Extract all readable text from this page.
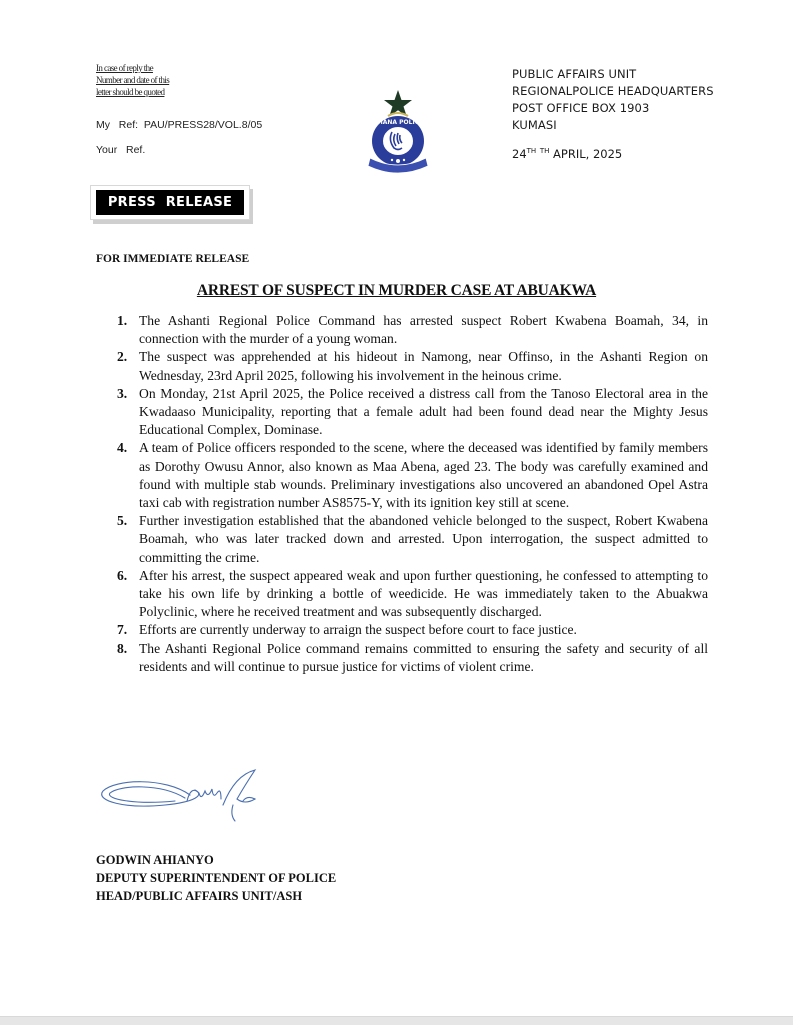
In case of reply the
Number and date of this
letter should be quoted
My Ref: PAU/PRESS28/VOL.8/05
Your Ref.
GHANA POLICE
PUBLIC AFFAIRS UNIT
REGIONALPOLICE HEADQUARTERS
POST OFFICE BOX 1903
KUMASI
24TH $^{TH}$ APRIL, 2025
PRESS RELEASE
FOR IMMEDIATE RELEASE
ARREST OF SUSPECT IN MURDER CASE AT ABUAKWA
1. The Ashanti Regional Police Command has arrested suspect Robert Kwabena Boamah, 34, in connection with the murder of a young woman.
2. The suspect was apprehended at his hideout in Namong, near Offinso, in the Ashanti Region on Wednesday, 23rd April 2025, following his involvement in the heinous crime.
3. On Monday, 21st April 2025, the Police received a distress call from the Tanoso Electoral area in the Kwadaaso Municipality, reporting that a female adult had been found dead near the Mighty Jesus Educational Complex, Dominase.
4. A team of Police officers responded to the scene, where the deceased was identified by family members as Dorothy Owusu Annor, also known as Maa Abena, aged 23. The body was carefully examined and found with multiple stab wounds. Preliminary investigations also uncovered an abandoned Opel Astra taxi cab with registration number AS8575-Y, with its ignition key still at scene.
5. Further investigation established that the abandoned vehicle belonged to the suspect, Robert Kwabena Boamah, who was later tracked down and arrested. Upon interrogation, the suspect admitted to committing the crime.
6. After his arrest, the suspect appeared weak and upon further questioning, he confessed to attempting to take his own life by drinking a bottle of weedicide. He was immediately taken to the Abuakwa Polyclinic, where he received treatment and was subsequently discharged.
7. Efforts are currently underway to arraign the suspect before court to face justice.
8. The Ashanti Regional Police command remains committed to ensuring the safety and security of all residents and will continue to pursue justice for victims of violent crime.
GODWIN AHIANYO
DEPUTY SUPERINTENDENT OF POLICE
HEAD/PUBLIC AFFAIRS UNIT/ASH
